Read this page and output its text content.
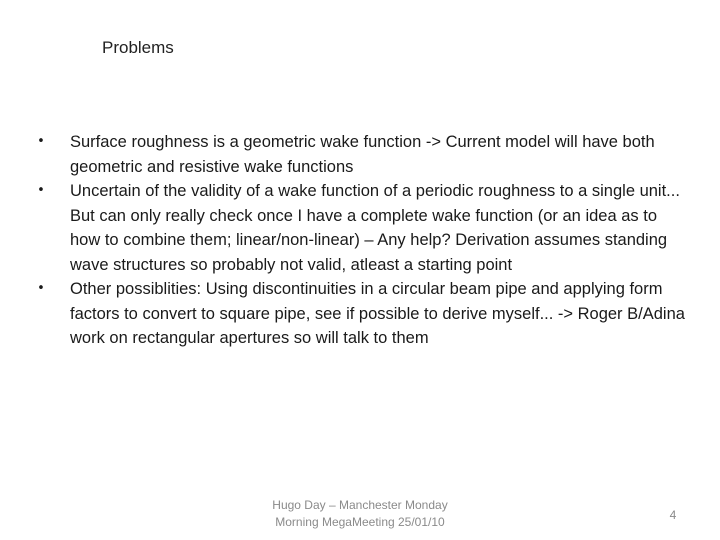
Problems
• Surface roughness is a geometric wake function -> Current model will have both geometric and resistive wake functions
• Uncertain of the validity of a wake function of a periodic roughness to a single unit... But can only really check once I have a complete wake function (or an idea as to how to combine them; linear/non-linear) – Any help? Derivation assumes standing wave structures so probably not valid, atleast a starting point
• Other possiblities: Using discontinuities in a circular beam pipe and applying form factors to convert to square pipe, see if possible to derive myself... -> Roger B/Adina work on rectangular apertures so will talk to them
Hugo Day – Manchester Monday
Morning MegaMeeting 25/01/10	4
